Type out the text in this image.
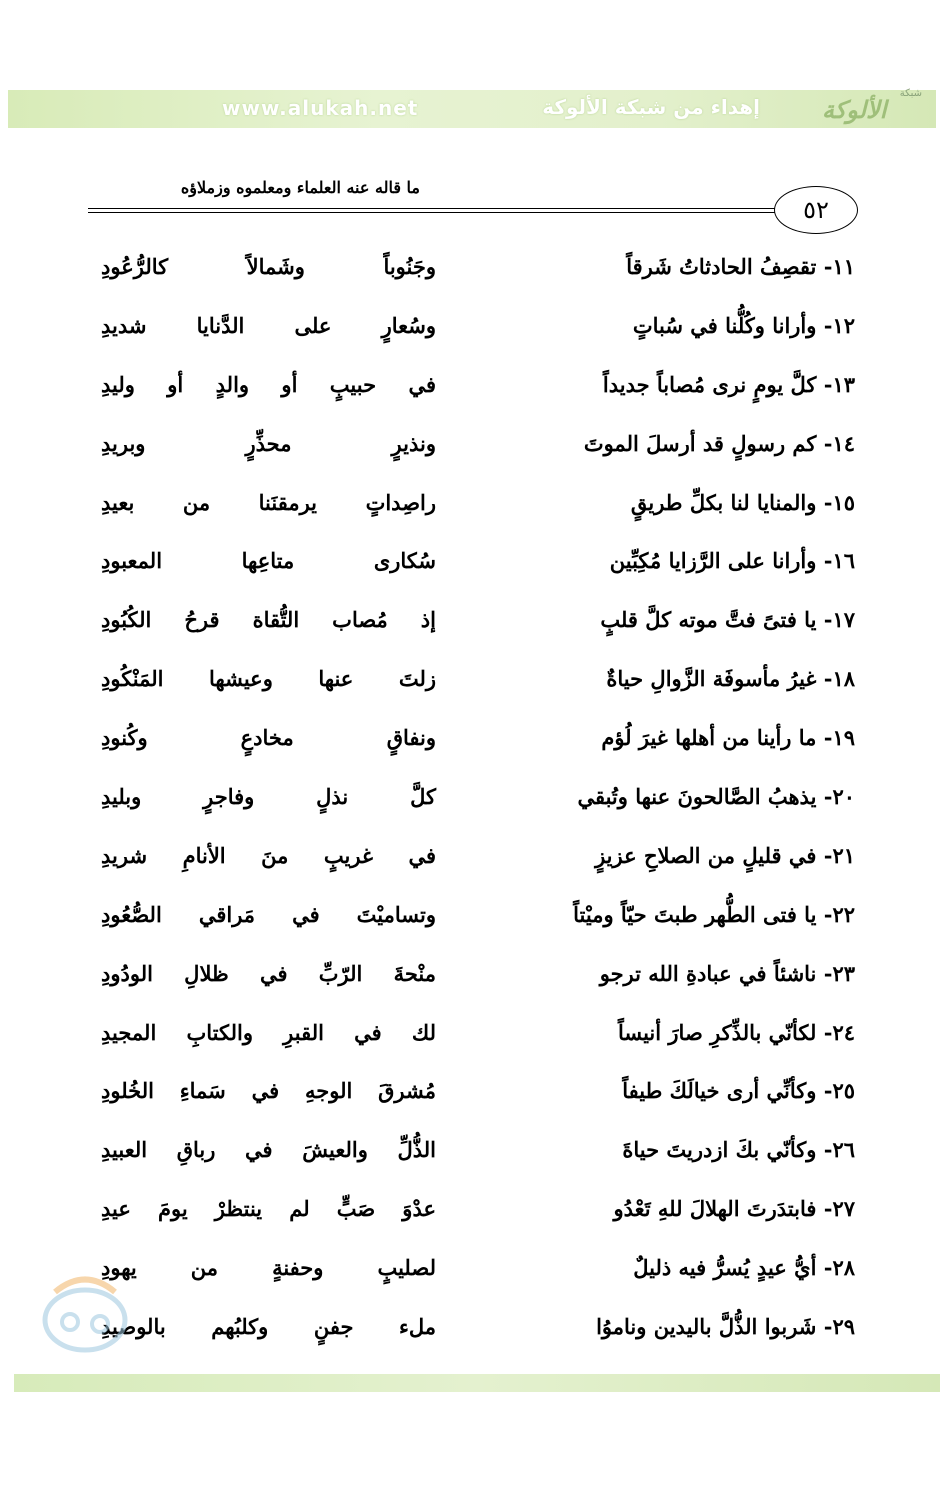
www.alukah.net	إهداء من شبكة الألوكة
شبكة
الألوكة
ما قاله عنه العلماء ومعلموه وزملاؤه
٥٢
١١- تقصِفُ الحادثاتُ شَرقاً
وجَنُوباً وشَمالاً كالرُّعُودِ
١٢- وأرانا وكُلُّنا في سُباتٍ
وسُعارٍ على الدَّنايا شديدِ
١٣- كلَّ يومٍ نرى مُصاباً جديداً
في حبيبٍ أو والدٍ أو وليدِ
١٤- كم رسولٍ قد أرسلَ الموتَ
ونذيرٍ محذِّرٍ وبريدِ
١٥- والمنايا لنا بكلِّ طريقٍ
راصِداتٍ يرمقنَنا من بعيدِ
١٦- وأرانا على الرَّزايا مُكِبِّين
سُكارى متاعِها المعبودِ
١٧- يا فتىً فتَّ موته كلَّ قلبٍ
إذ مُصاب التُّقاة قرحُ الكُبُودِ
١٨- غيرُ مأسوفَة الزَّوالِ حياةٌ
زلتَ عنها وعيشها المَنْكُودِ
١٩- ما رأينا من أهلها غيرَ لُؤم
ونفاقٍ مخادعٍ وكُنودِ
٢٠- يذهبُ الصَّالحونَ عنها وتُبقي
كلَّ نذلٍ وفاجرٍ وبليدِ
٢١- في قليلٍ من الصلاحِ عزيزٍ
في غريبٍ منَ الأنامِ شريدِ
٢٢- يا فتى الطُّهر طبتَ حيّاً وميْتاً
وتساميْتَ في مَراقي الصُّعُودِ
٢٣- ناشئاً في عبادةِ الله ترجو
منْحةَ الرّبِّ في ظلالِ الودُودِ
٢٤- لكأنّي بالذِّكرِ صارَ أنيساً
لك في القبرِ والكتابِ المجيدِ
٢٥- وكأنِّي أرى خيالَكَ طيفاً
مُشرقَ الوجهِ في سَماءِ الخُلودِ
٢٦- وكأنّي بكَ ازدريتَ حياةَ
الذُّلِّ والعيشَ في رباقِ العبيدِ
٢٧- فابتدَرتَ الهلالَ للهِ تَعْدُو
عدْوَ صَبٍّ لم ينتظرْ يومَ عيدِ
٢٨- أيُّ عيدٍ يُسرُّ فيه ذليلٌ
لصليبٍ وحفنةٍ من يهودِ
٢٩- شَربوا الذُّلَّ باليدين وناموُا
ملء جفنٍ وكلبُهم بالوصيدِ
